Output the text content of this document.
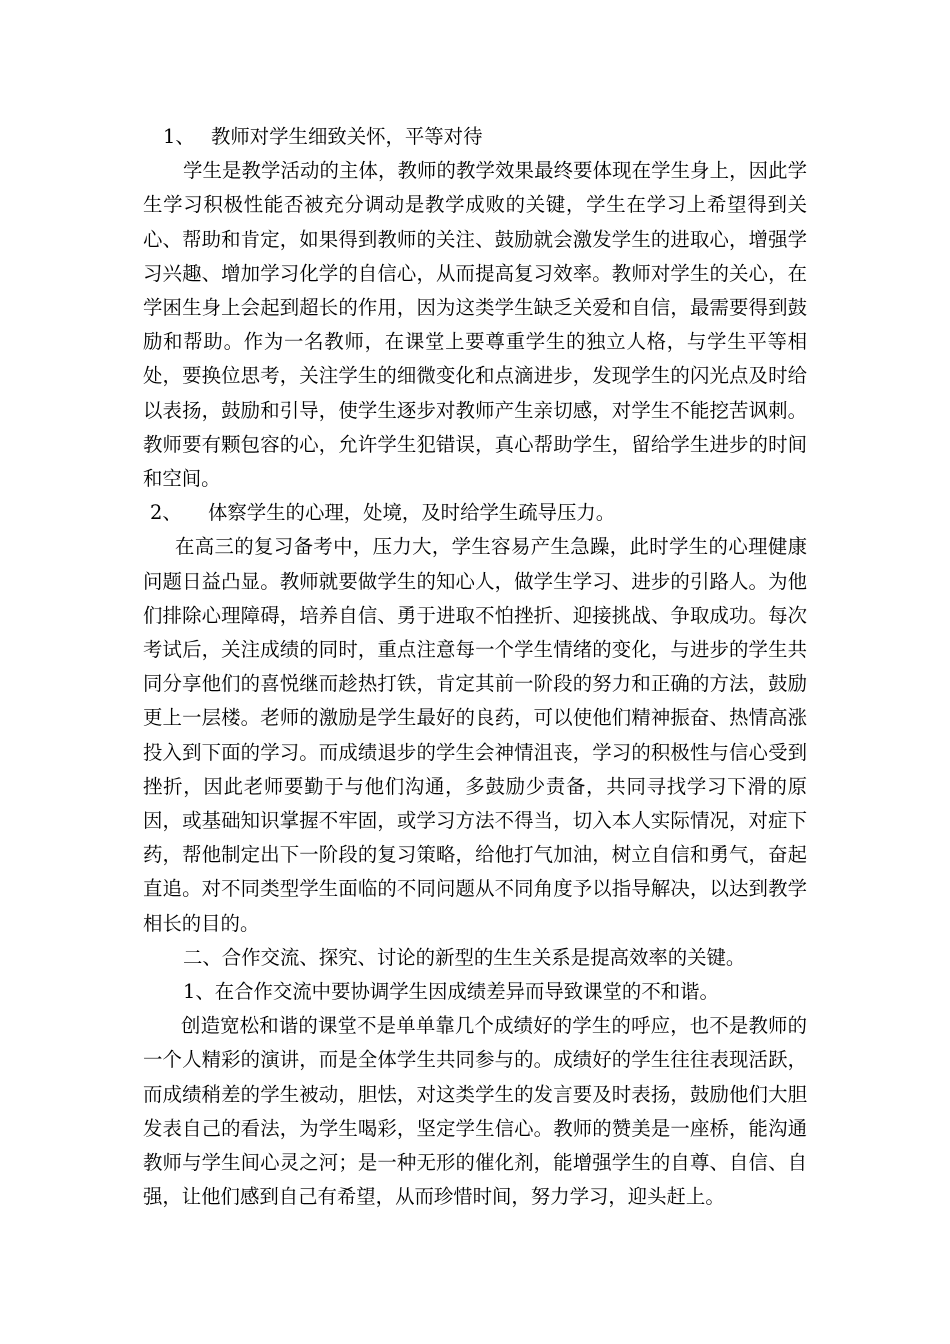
1、 教师对学生细致关怀，平等对待

学生是教学活动的主体，教师的教学效果最终要体现在学生身上，因此学生学习积极性能否被充分调动是教学成败的关键，学生在学习上希望得到关心、帮助和肯定，如果得到教师的关注、鼓励就会激发学生的进取心，增强学习兴趣、增加学习化学的自信心，从而提高复习效率。教师对学生的关心，在学困生身上会起到超长的作用，因为这类学生缺乏关爱和自信，最需要得到鼓励和帮助。作为一名教师，在课堂上要尊重学生的独立人格，与学生平等相处，要换位思考，关注学生的细微变化和点滴进步，发现学生的闪光点及时给以表扬，鼓励和引导，使学生逐步对教师产生亲切感，对学生不能挖苦讽刺。教师要有颗包容的心，允许学生犯错误，真心帮助学生，留给学生进步的时间和空间。

2、 体察学生的心理，处境，及时给学生疏导压力。

在高三的复习备考中，压力大，学生容易产生急躁，此时学生的心理健康问题日益凸显。教师就要做学生的知心人，做学生学习、进步的引路人。为他们排除心理障碍，培养自信、勇于进取不怕挫折、迎接挑战、争取成功。每次考试后，关注成绩的同时，重点注意每一个学生情绪的变化，与进步的学生共同分享他们的喜悦继而趁热打铁，肯定其前一阶段的努力和正确的方法，鼓励更上一层楼。老师的激励是学生最好的良药，可以使他们精神振奋、热情高涨投入到下面的学习。而成绩退步的学生会神情沮丧，学习的积极性与信心受到挫折，因此老师要勤于与他们沟通，多鼓励少责备，共同寻找学习下滑的原因，或基础知识掌握不牢固，或学习方法不得当，切入本人实际情况，对症下药，帮他制定出下一阶段的复习策略，给他打气加油，树立自信和勇气，奋起直追。对不同类型学生面临的不同问题从不同角度予以指导解决，以达到教学相长的目的。

二、合作交流、探究、讨论的新型的生生关系是提高效率的关键。
1、在合作交流中要协调学生因成绩差异而导致课堂的不和谐。

创造宽松和谐的课堂不是单单靠几个成绩好的学生的呼应，也不是教师的一个人精彩的演讲，而是全体学生共同参与的。成绩好的学生往往表现活跃，而成绩稍差的学生被动，胆怯，对这类学生的发言要及时表扬，鼓励他们大胆发表自己的看法，为学生喝彩，坚定学生信心。教师的赞美是一座桥，能沟通教师与学生间心灵之河；是一种无形的催化剂，能增强学生的自尊、自信、自强，让他们感到自己有希望，从而珍惜时间，努力学习，迎头赶上。
